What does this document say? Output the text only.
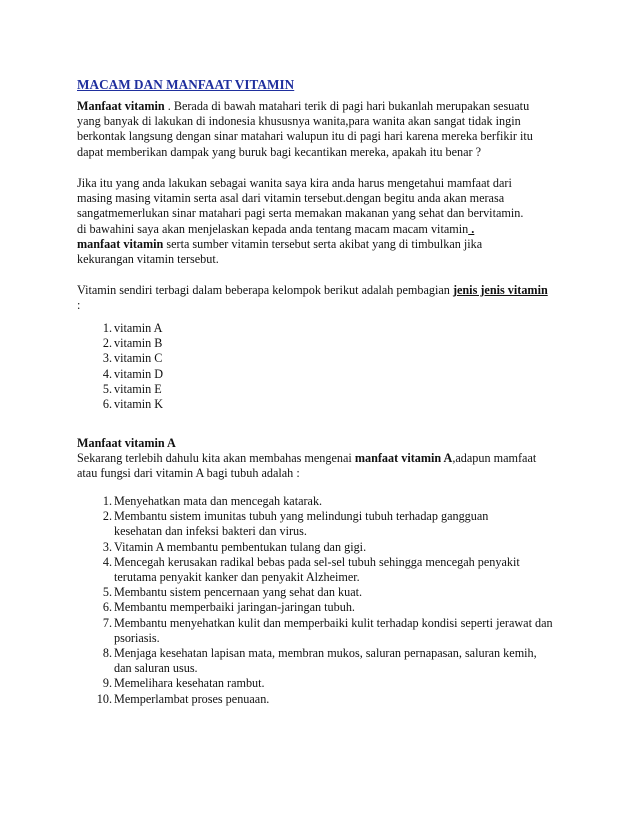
MACAM DAN MANFAAT VITAMIN

Manfaat vitamin . Berada di bawah matahari terik di pagi hari bukanlah merupakan sesuatu
yang banyak di lakukan di indonesia khususnya wanita,para wanita akan sangat tidak ingin
berkontak langsung dengan sinar matahari walupun itu di pagi hari karena mereka berfikir itu
dapat memberikan dampak yang buruk bagi kecantikan mereka, apakah itu benar ?

Jika itu yang anda lakukan sebagai wanita saya kira anda harus mengetahui mamfaat dari
masing masing vitamin serta asal dari vitamin tersebut.dengan begitu anda akan merasa
sangatmemerlukan sinar matahari pagi serta memakan makanan yang sehat dan bervitamin.
di bawahini saya akan menjelaskan kepada anda tentang macam macam vitamin .
manfaat vitamin serta sumber vitamin tersebut serta akibat yang di timbulkan jika
kekurangan vitamin tersebut.

Vitamin sendiri terbagi dalam beberapa kelompok berikut adalah pembagian jenis jenis vitamin
:

1. vitamin A
2. vitamin B
3. vitamin C
4. vitamin D
5. vitamin E
6. vitamin K

Manfaat vitamin A
Sekarang terlebih dahulu kita akan membahas mengenai manfaat vitamin A,adapun mamfaat
atau fungsi dari vitamin A bagi tubuh adalah :

1. Menyehatkan mata dan mencegah katarak.
2. Membantu sistem imunitas tubuh yang melindungi tubuh terhadap gangguan
kesehatan dan infeksi bakteri dan virus.
3. Vitamin A membantu pembentukan tulang dan gigi.
4. Mencegah kerusakan radikal bebas pada sel-sel tubuh sehingga mencegah penyakit
terutama penyakit kanker dan penyakit Alzheimer.
5. Membantu sistem pencernaan yang sehat dan kuat.
6. Membantu memperbaiki jaringan-jaringan tubuh.
7. Membantu menyehatkan kulit dan memperbaiki kulit terhadap kondisi seperti jerawat dan
psoriasis.
8. Menjaga kesehatan lapisan mata, membran mukos, saluran pernapasan, saluran kemih,
dan saluran usus.
9. Memelihara kesehatan rambut.
10. Memperlambat proses penuaan.
